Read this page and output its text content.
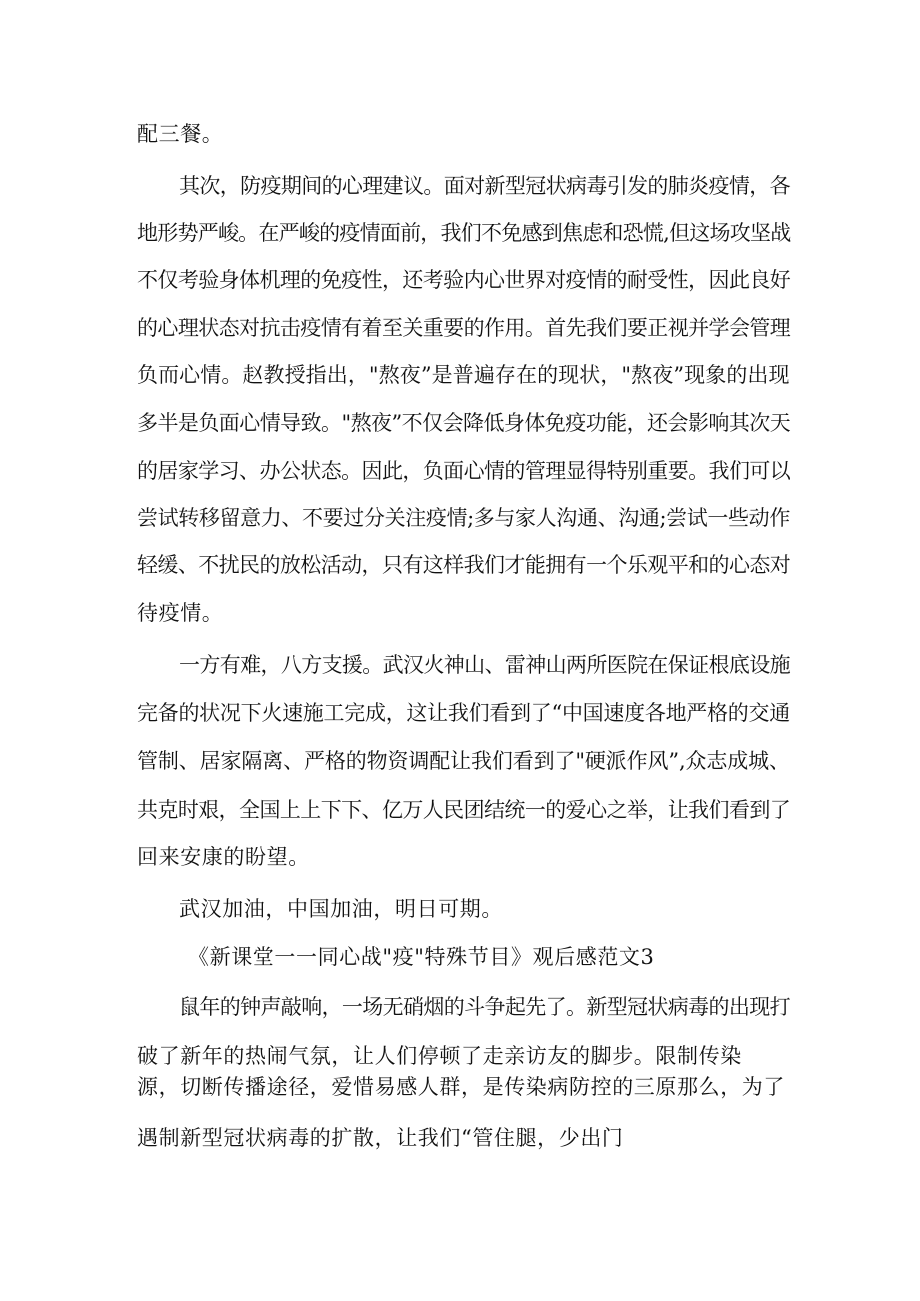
配三餐。
其次，防疫期间的心理建议。面对新型冠状病毒引发的肺炎疫情，各
地形势严峻。在严峻的疫情面前，我们不免感到焦虑和恐慌,但这场攻坚战
不仅考验身体机理的免疫性，还考验内心世界对疫情的耐受性，因此良好
的心理状态对抗击疫情有着至关重要的作用。首先我们要正视并学会管理
负而心情。赵教授指出，"熬夜”是普遍存在的现状，"熬夜”现象的出现
多半是负面心情导致。"熬夜”不仅会降低身体免疫功能，还会影响其次天
的居家学习、办公状态。因此，负面心情的管理显得特别重要。我们可以
尝试转移留意力、不要过分关注疫情;多与家人沟通、沟通;尝试一些动作
轻缓、不扰民的放松活动，只有这样我们才能拥有一个乐观平和的心态对
待疫情。
一方有难，八方支援。武汉火神山、雷神山两所医院在保证根底设施
完备的状况下火速施工完成，这让我们看到了“中国速度各地严格的交通
管制、居家隔离、严格的物资调配让我们看到了"硬派作风”,众志成城、
共克时艰，全国上上下下、亿万人民团结统一的爱心之举，让我们看到了
回来安康的盼望。
武汉加油，中国加油，明日可期。
《新课堂一一同心战"疫"特殊节目》观后感范文3
鼠年的钟声敲响，一场无硝烟的斗争起先了。新型冠状病毒的出现打
破了新年的热闹气氛，让人们停顿了走亲访友的脚步。限制传染
源，切断传播途径，爱惜易感人群，是传染病防控的三原那么，为了
遇制新型冠状病毒的扩散，让我们“管住腿，少出门
